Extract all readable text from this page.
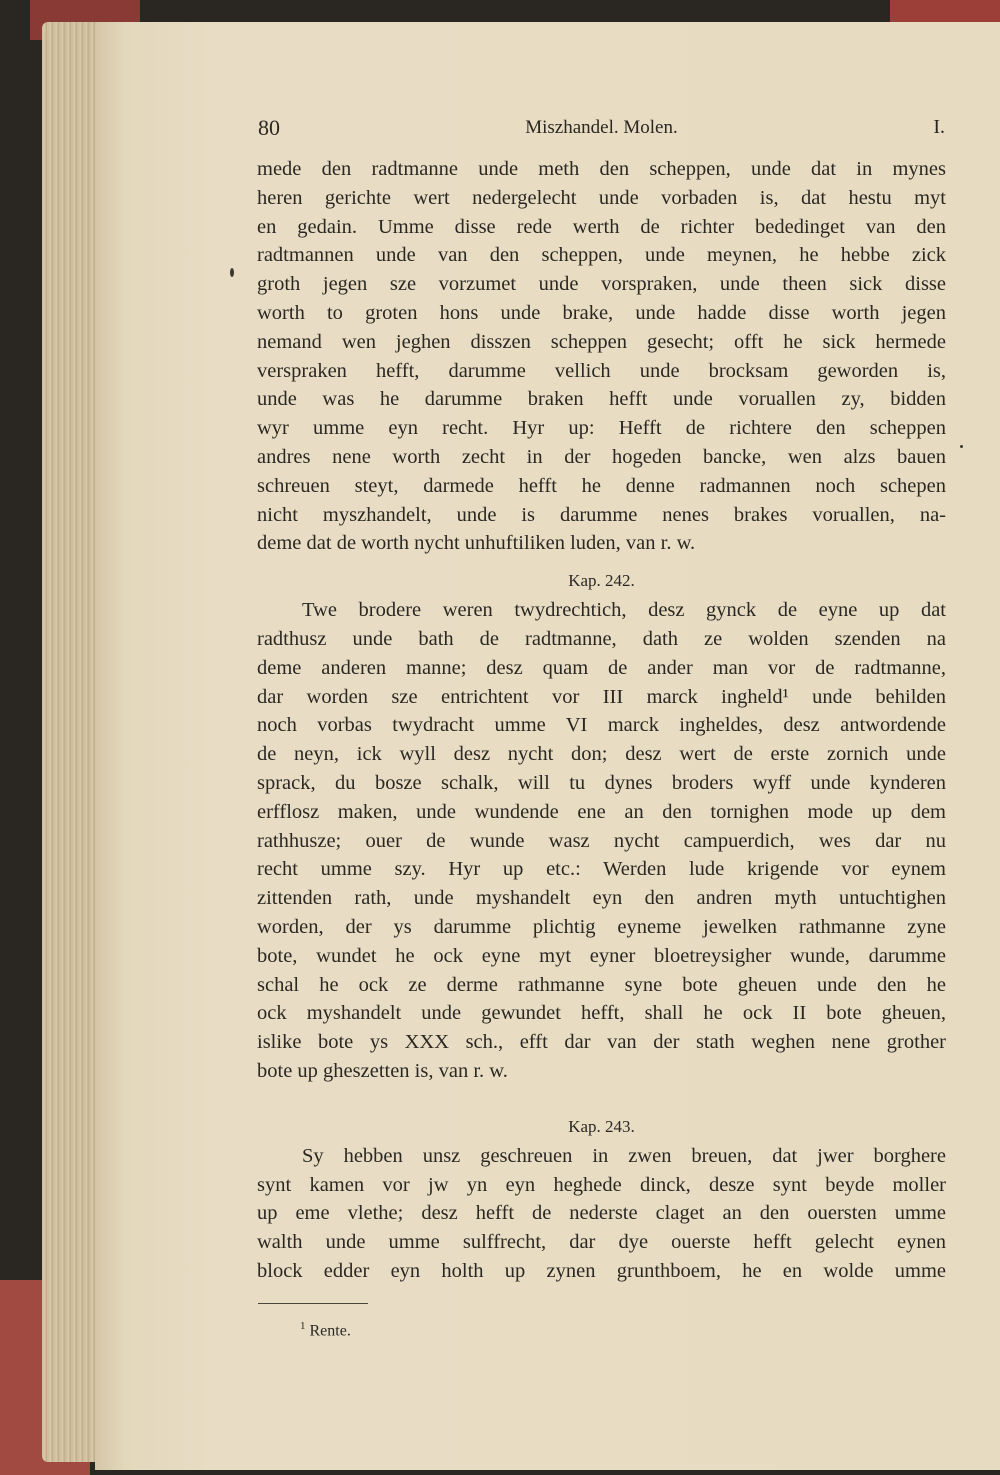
80	Miszhandel. Molen.	I.
mede den radtmanne unde meth den scheppen, unde dat in mynes
heren gerichte wert nedergelecht unde vorbaden is, dat hestu myt
en gedain. Umme disse rede werth de richter bededinget van den
radtmannen unde van den scheppen, unde meynen, he hebbe zick
groth jegen sze vorzumet unde vorspraken, unde theen sick disse
worth to groten hons unde brake, unde hadde disse worth jegen
nemand wen jeghen disszen scheppen gesecht; offt he sick hermede
verspraken hefft, darumme vellich unde brocksam geworden is,
unde was he darumme braken hefft unde voruallen zy, bidden
wyr umme eyn recht. Hyr up: Hefft de richtere den scheppen
andres nene worth zecht in der hogeden bancke, wen alzs bauen
schreuen steyt, darmede hefft he denne radmannen noch schepen
nicht myszhandelt, unde is darumme nenes brakes voruallen, na-
deme dat de worth nycht unhuftiliken luden, van r. w.
Kap. 242.
Twe brodere weren twydrechtich, desz gynck de eyne up dat
radthusz unde bath de radtmanne, dath ze wolden szenden na
deme anderen manne; desz quam de ander man vor de radtmanne,
dar worden sze entrichtent vor III marck ingheld¹ unde behilden
noch vorbas twydracht umme VI marck ingheldes, desz antwordende
de neyn, ick wyll desz nycht don; desz wert de erste zornich unde
sprack, du bosze schalk, will tu dynes broders wyff unde kynderen
erfflosz maken, unde wundende ene an den tornighen mode up dem
rathhusze; ouer de wunde wasz nycht campuerdich, wes dar nu
recht umme szy. Hyr up etc.: Werden lude krigende vor eynem
zittenden rath, unde myshandelt eyn den andren myth untuchtighen
worden, der ys darumme plichtig eyneme jewelken rathmanne zyne
bote, wundet he ock eyne myt eyner bloetreysigher wunde, darumme
schal he ock ze derme rathmanne syne bote gheuen unde den he
ock myshandelt unde gewundet hefft, shall he ock II bote gheuen,
islike bote ys XXX sch., efft dar van der stath weghen nene grother
bote up gheszetten is, van r. w.
Kap. 243.
Sy hebben unsz geschreuen in zwen breuen, dat jwer borghere
synt kamen vor jw yn eyn heghede dinck, desze synt beyde moller
up eme vlethe; desz hefft de nederste claget an den ouersten umme
walth unde umme sulffrecht, dar dye ouerste hefft gelecht eynen
block edder eyn holth up zynen grunthboem, he en wolde umme
$^1$ Rente.
